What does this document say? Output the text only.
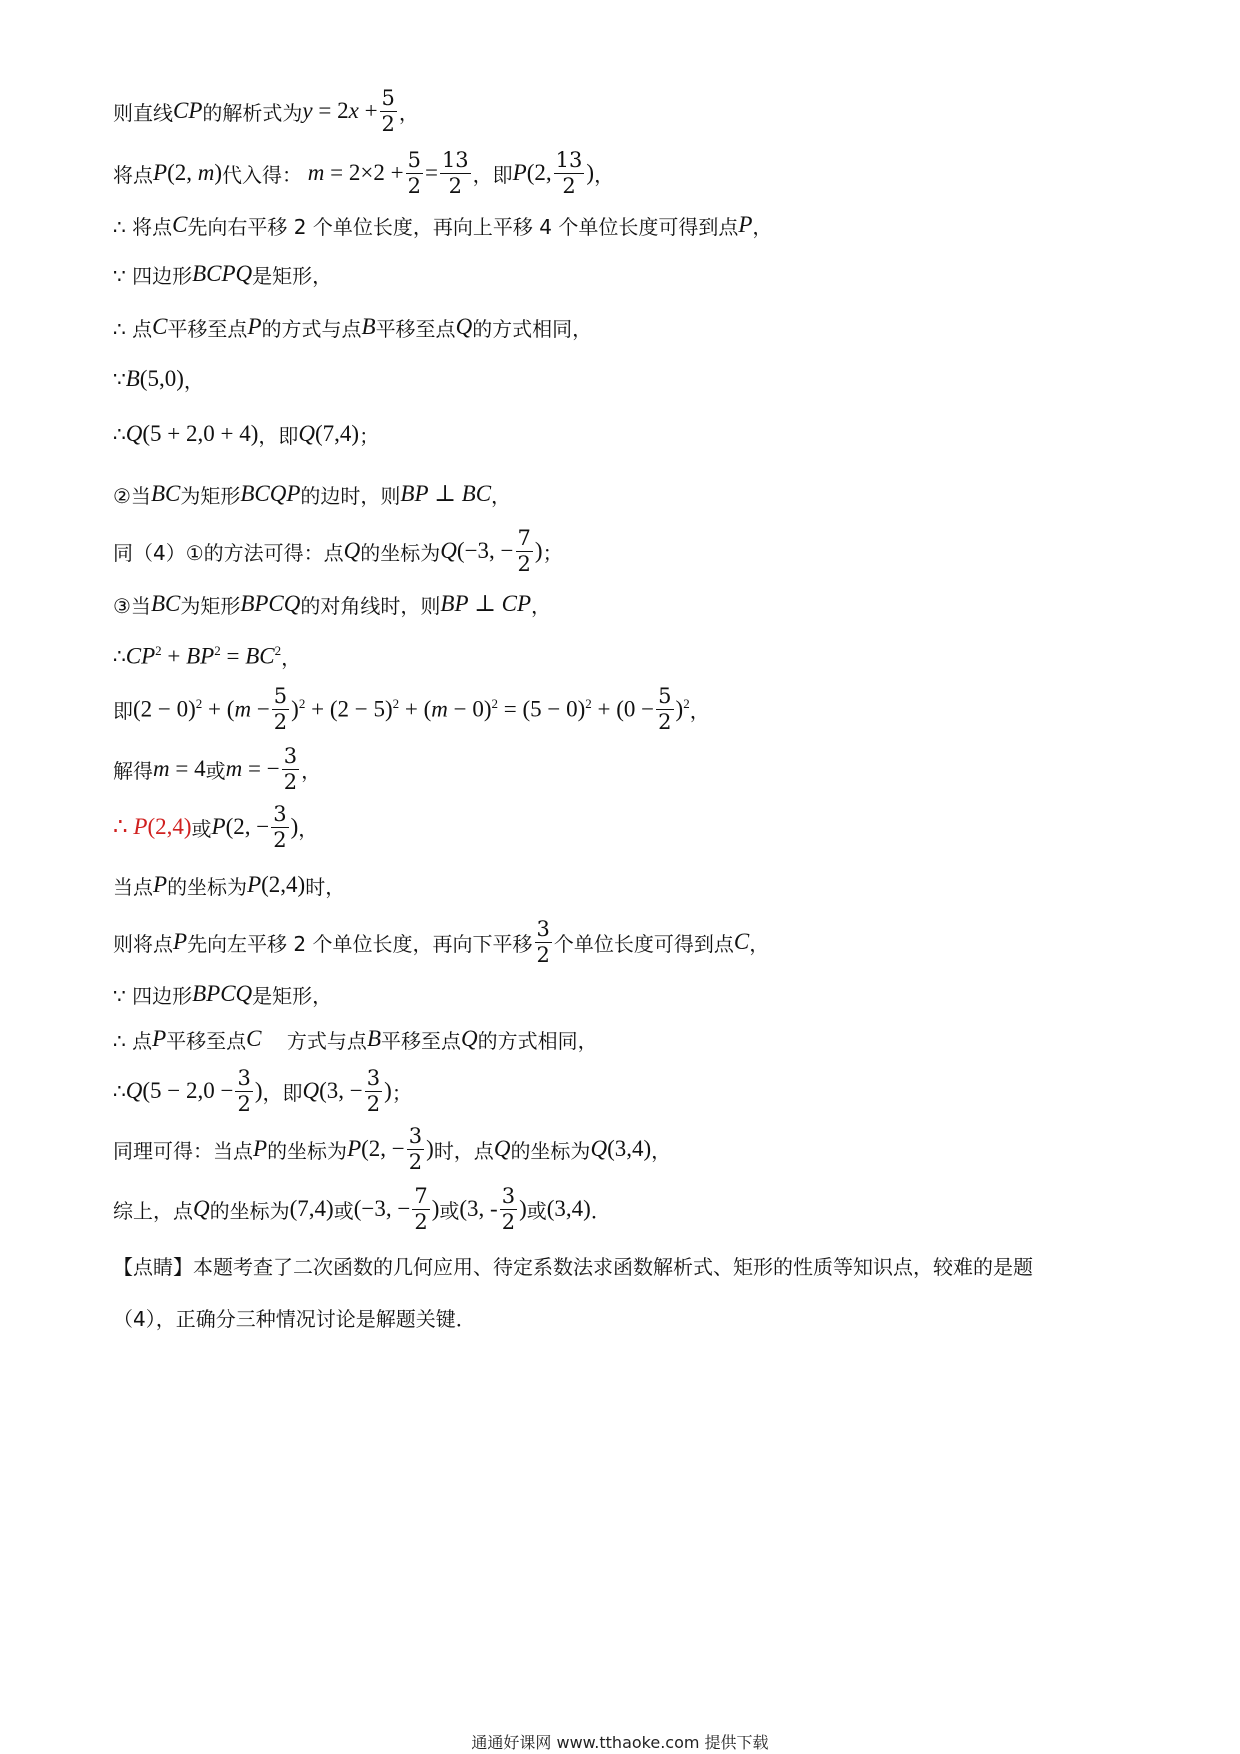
则直线 CP 的解析式为 $y = 2x + \frac{5}{2}$ ，
将点 P(2, m) 代入得： $m = 2\times 2 + \frac{5}{2} = \frac{13}{2}$ ，即 P(2, $\frac{13}{2}$ ) ，
∴ 将点 C 先向右平移 2 个单位长度，再向上平移 4 个单位长度可得到点 P ，
∵ 四边形 BCPQ 是矩形，
∴ 点 C 平移至点 P 的方式与点 B 平移至点 Q 的方式相同，
∵ B(5,0) ，
∴ Q(5 + 2,0 + 4) ，即 Q(7,4) ；
②当 BC 为矩形 BCQP 的边时，则 BP ⊥ BC ，
同（4）①的方法可得：点 Q 的坐标为 Q(−3, − $\frac{7}{2}$ ) ；
③当 BC 为矩形 BPCQ 的对角线时，则 BP ⊥ CP ，
∴ $CP^2 + BP^2 = BC^2$ ，
即 $(2 - 0)^2 + (m - \frac{5}{2} )^2 + (2 - 5)^2 + (m - 0)^2 = (5 - 0)^2 + (0 - \frac{5}{2} )^2$ ，
解得 m = 4 或 m = − $\frac{3}{2}$ ，
∴ P(2,4) 或 P(2, − $\frac{3}{2}$ ) ，
当点 P 的坐标为 P(2,4) 时，
则将点 P 先向左平移 2 个单位长度，再向下平移 $\frac{3}{2}$ 个单位长度可得到点 C ，
∵ 四边形 BPCQ 是矩形，
∴ 点 P 平移至点 C 方式与点 B 平移至点 Q 的方式相同，
∴ $Q(5 - 2,0 - \frac{3}{2}$ ) ，即 Q(3, − $\frac{3}{2}$ ) ；
同理可得：当点 P 的坐标为 P(2, − $\frac{3}{2}$ ) 时，点 Q 的坐标为 Q(3,4) ，
综上，点 Q 的坐标为 (7,4) 或 (−3, − $\frac{7}{2}$ ) 或 (3, - $\frac{3}{2}$ ) 或 (3,4) ．
【点睛】本题考查了二次函数的几何应用、待定系数法求函数解析式、矩形的性质等知识点，较难的是题
（4），正确分三种情况讨论是解题关键．
通通好课网 www.tthaoke.com 提供下载
